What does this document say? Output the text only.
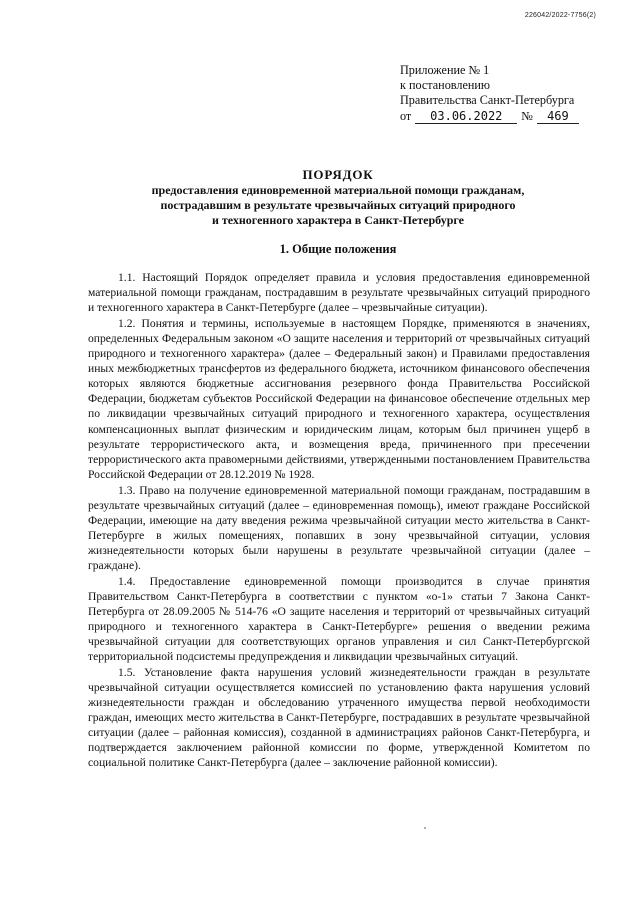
226042/2022-7756(2)
Приложение № 1
к постановлению
Правительства Санкт-Петербурга
от 03.06.2022 № 469
ПОРЯДОК
предоставления единовременной материальной помощи гражданам,
пострадавшим в результате чрезвычайных ситуаций природного
и техногенного характера в Санкт-Петербурге
1. Общие положения

1.1. Настоящий Порядок определяет правила и условия предоставления единовременной материальной помощи гражданам, пострадавшим в результате чрезвычайных ситуаций природного и техногенного характера в Санкт-Петербурге (далее – чрезвычайные ситуации).

1.2. Понятия и термины, используемые в настоящем Порядке, применяются в значениях, определенных Федеральным законом «О защите населения и территорий от чрезвычайных ситуаций природного и техногенного характера» (далее – Федеральный закон) и Правилами предоставления иных межбюджетных трансфертов из федерального бюджета, источником финансового обеспечения которых являются бюджетные ассигнования резервного фонда Правительства Российской Федерации, бюджетам субъектов Российской Федерации на финансовое обеспечение отдельных мер по ликвидации чрезвычайных ситуаций природного и техногенного характера, осуществления компенсационных выплат физическим и юридическим лицам, которым был причинен ущерб в результате террористического акта, и возмещения вреда, причиненного при пресечении террористического акта правомерными действиями, утвержденными постановлением Правительства Российской Федерации от 28.12.2019 № 1928.

1.3. Право на получение единовременной материальной помощи гражданам, пострадавшим в результате чрезвычайных ситуаций (далее – единовременная помощь), имеют граждане Российской Федерации, имеющие на дату введения режима чрезвычайной ситуации место жительства в Санкт-Петербурге в жилых помещениях, попавших в зону чрезвычайной ситуации, условия жизнедеятельности которых были нарушены в результате чрезвычайной ситуации (далее – граждане).

1.4. Предоставление единовременной помощи производится в случае принятия Правительством Санкт-Петербурга в соответствии с пунктом «о-1» статьи 7 Закона Санкт-Петербурга от 28.09.2005 № 514-76 «О защите населения и территорий от чрезвычайных ситуаций природного и техногенного характера в Санкт-Петербурге» решения о введении режима чрезвычайной ситуации для соответствующих органов управления и сил Санкт-Петербургской территориальной подсистемы предупреждения и ликвидации чрезвычайных ситуаций.

1.5. Установление факта нарушения условий жизнедеятельности граждан в результате чрезвычайной ситуации осуществляется комиссией по установлению факта нарушения условий жизнедеятельности граждан и обследованию утраченного имущества первой необходимости граждан, имеющих место жительства в Санкт-Петербурге, пострадавших в результате чрезвычайной ситуации (далее – районная комиссия), созданной в администрациях районов Санкт-Петербурга, и подтверждается заключением районной комиссии по форме, утвержденной Комитетом по социальной политике Санкт-Петербурга (далее – заключение районной комиссии).
